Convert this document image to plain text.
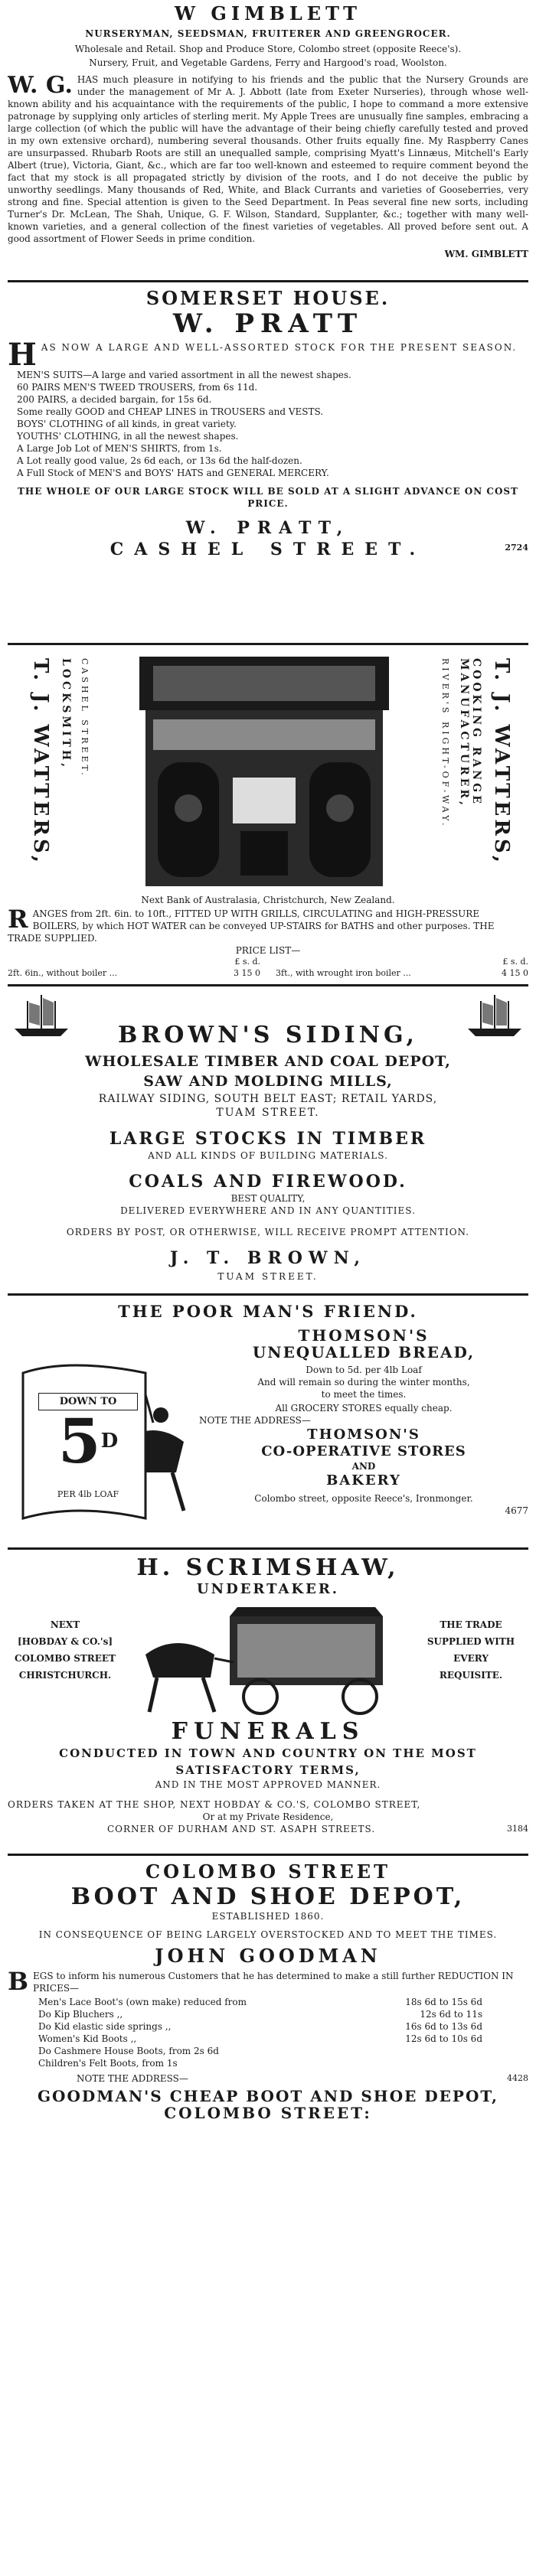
W GIMBLETT
NURSERYMAN, SEEDSMAN, FRUITERER AND GREENGROCER.
Wholesale and Retail. Shop and Produce Store, Colombo street (opposite Reece's).
Nursery, Fruit, and Vegetable Gardens, Ferry and Hargood's road, Woolston.
W. G. HAS much pleasure in notifying to his friends and the public that the Nursery Grounds are under the management of Mr A. J. Abbott (late from Exeter Nurseries), through whose well-known ability and his acquaintance with the requirements of the public, I hope to command a more extensive patronage by supplying only articles of sterling merit. My Apple Trees are unusually fine samples, embracing a large collection (of which the public will have the advantage of their being chiefly carefully tested and proved in my own extensive orchard), numbering several thousands. Other fruits equally fine. My Raspberry Canes are unsurpassed. Rhubarb Roots are still an unequalled sample, comprising Myatt's Linnæus, Mitchell's Early Albert (true), Victoria, Giant, &c., which are far too well-known and esteemed to require comment beyond the fact that my stock is all propagated strictly by division of the roots, and I do not deceive the public by unworthy seedlings. Many thousands of Red, White, and Black Currants and varieties of Gooseberries, very strong and fine. Special attention is given to the Seed Department. In Peas several fine new sorts, including Turner's Dr. McLean, The Shah, Unique, G. F. Wilson, Standard, Supplanter, &c.; together with many well-known varieties, and a general collection of the finest varieties of vegetables. All proved before sent out. A good assortment of Flower Seeds in prime condition.
WM. GIMBLETT
SOMERSET HOUSE.
W. PRATT
H AS NOW A LARGE AND WELL-ASSORTED STOCK FOR THE PRESENT SEASON.
MEN'S SUITS—A large and varied assortment in all the newest shapes.
60 PAIRS MEN'S TWEED TROUSERS, from 6s 11d.
200 PAIRS, a decided bargain, for 15s 6d.
Some really GOOD and CHEAP LINES in TROUSERS and VESTS.
BOYS' CLOTHING of all kinds, in great variety.
YOUTHS' CLOTHING, in all the newest shapes.
A Large Job Lot of MEN'S SHIRTS, from 1s.
A Lot really good value, 2s 6d each, or 13s 6d the half-dozen.
A Full Stock of MEN'S and BOYS' HATS and GENERAL MERCERY.
THE WHOLE OF OUR LARGE STOCK WILL BE SOLD AT A SLIGHT ADVANCE ON COST PRICE.
W. PRATT,
CASHEL STREET.	2724
T. J. WATTERS, LOCKSMITH, CASHEL STREET.	RIVER'S RIGHT-OF-WAY.	COOKING RANGE MANUFACTURER,	T. J. WATTERS,
Next Bank of Australasia, Christchurch, New Zealand.
R ANGES from 2ft. 6in. to 10ft., FITTED UP WITH GRILLS, CIRCULATING and HIGH-PRESSURE BOILERS, by which HOT WATER can be conveyed UP-STAIRS for BATHS and other purposes. THE TRADE SUPPLIED.
PRICE LIST—
£ s. d.
2ft. 6in., without boiler ...	3 15 0
£ s. d.
3ft., with wrought iron boiler ...	4 15 0
BROWN'S SIDING,
WHOLESALE TIMBER AND COAL DEPOT,
SAW AND MOLDING MILLS,
RAILWAY SIDING, SOUTH BELT EAST; RETAIL YARDS,
TUAM STREET.
LARGE STOCKS IN TIMBER
AND ALL KINDS OF BUILDING MATERIALS.
COALS AND FIREWOOD.
BEST QUALITY,
DELIVERED EVERYWHERE AND IN ANY QUANTITIES.
ORDERS BY POST, OR OTHERWISE, WILL RECEIVE PROMPT ATTENTION.
J. T. BROWN,
TUAM STREET.
THE POOR MAN'S FRIEND.
DOWN TO
5D
PER 4lb LOAF
THOMSON'S
UNEQUALLED BREAD,
Down to 5d. per 4lb Loaf
And will remain so during the winter months,
to meet the times.
All GROCERY STORES equally cheap.
NOTE THE ADDRESS—
THOMSON'S
CO-OPERATIVE STORES
AND
BAKERY
Colombo street, opposite Reece's, Ironmonger.
4677
H. SCRIMSHAW,
UNDERTAKER.
NEXT
[HOBDAY & CO.'s]
COLOMBO STREET
CHRISTCHURCH.
THE TRADE
SUPPLIED WITH
EVERY
REQUISITE.
FUNERALS
CONDUCTED IN TOWN AND COUNTRY ON THE MOST SATISFACTORY TERMS,
AND IN THE MOST APPROVED MANNER.
ORDERS TAKEN AT THE SHOP, NEXT HOBDAY & CO.'S, COLOMBO STREET,
Or at my Private Residence,
CORNER OF DURHAM AND ST. ASAPH STREETS.	3184
COLOMBO STREET
BOOT AND SHOE DEPOT,
ESTABLISHED 1860.
IN CONSEQUENCE OF BEING LARGELY OVERSTOCKED AND TO MEET THE TIMES.
JOHN GOODMAN
B EGS to inform his numerous Customers that he has determined to make a still further REDUCTION IN PRICES—
Men's Lace Boot's (own make) reduced from	18s 6d to 15s 6d
Do Kip Bluchers ,,	12s 6d to 11s
Do Kid elastic side springs ,,	16s 6d to 13s 6d
Women's Kid Boots ,,	12s 6d to 10s 6d
Do Cashmere House Boots, from 2s 6d
Children's Felt Boots, from 1s
NOTE THE ADDRESS—	4428
GOODMAN'S CHEAP BOOT AND SHOE DEPOT,
COLOMBO STREET:
